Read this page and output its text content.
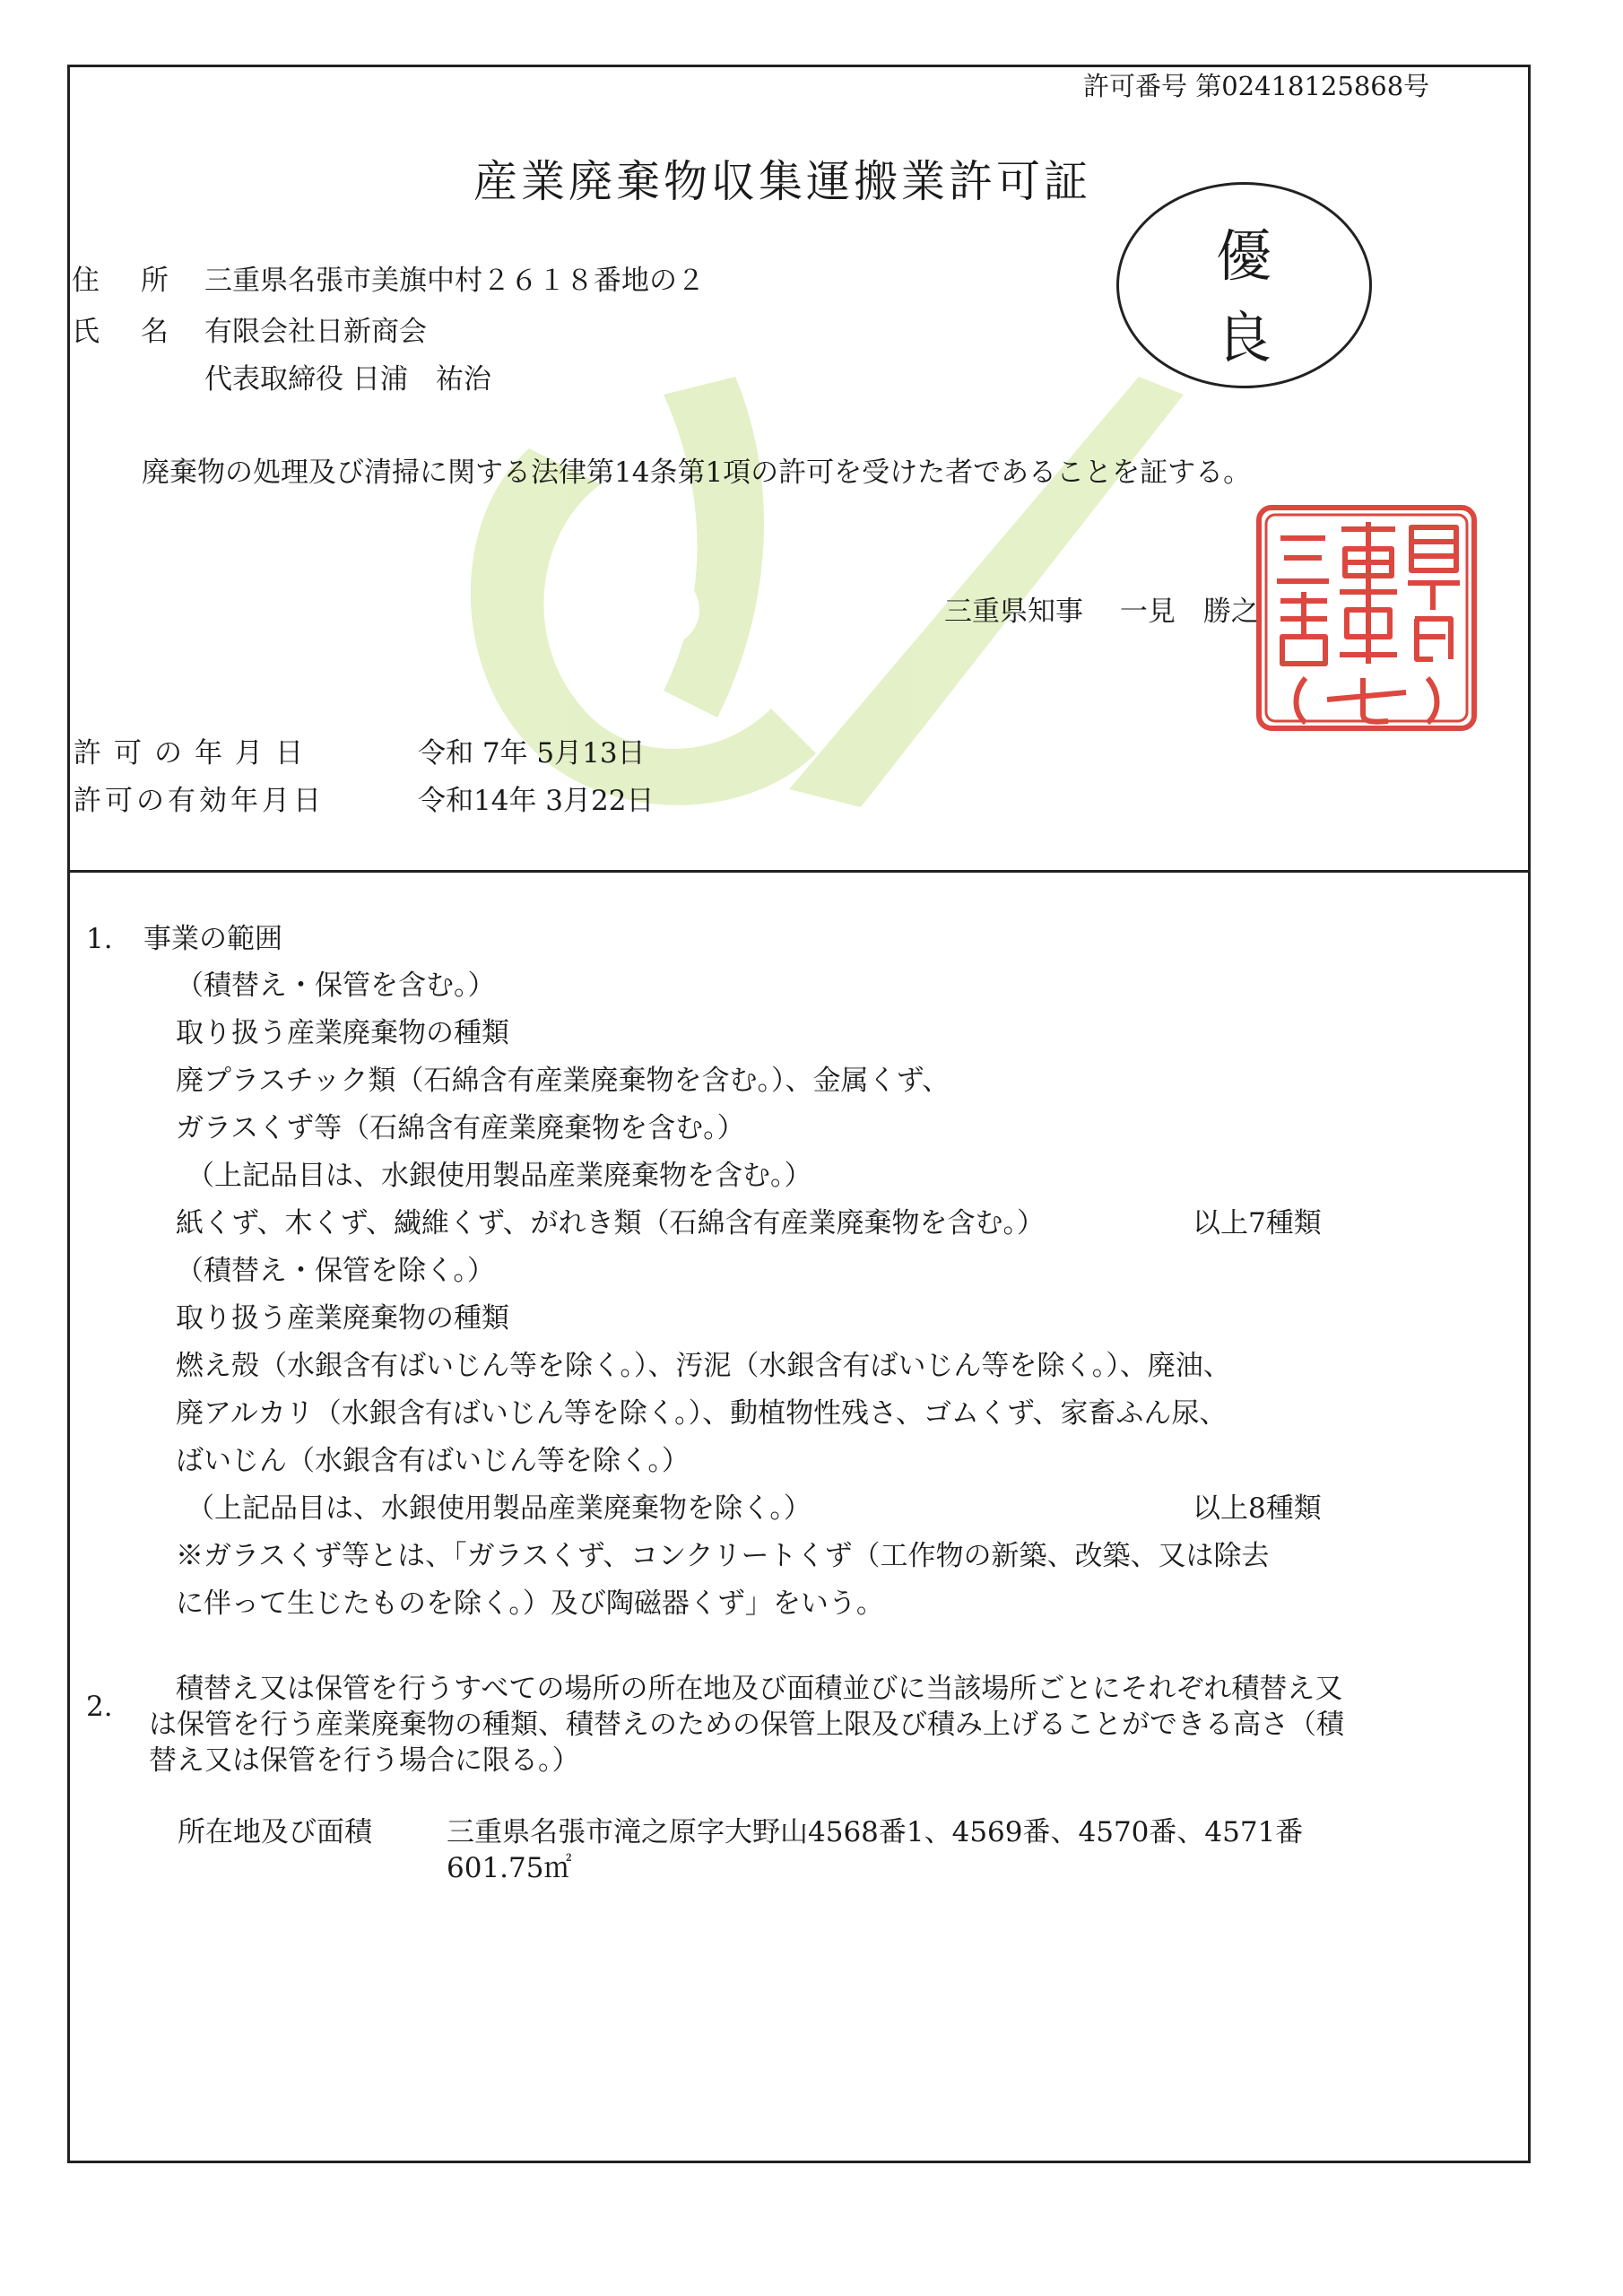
許可番号 第02418125868号
産業廃棄物収集運搬業許可証
優
良
住 所 三重県名張市美旗中村２６１８番地の２
氏 名 有限会社日新商会
代表取締役 日浦　祐治
廃棄物の処理及び清掃に関する法律第14条第1項の許可を受けた者であることを証する。
三重県知事　 一見　勝之
許可の年月日	令和 7年 5月13日
許可の有効年月日	令和14年 3月22日
1. 事業の範囲
（積替え・保管を含む。）
取り扱う産業廃棄物の種類
廃プラスチック類（石綿含有産業廃棄物を含む。）、金属くず、
ガラスくず等（石綿含有産業廃棄物を含む。）
（上記品目は、水銀使用製品産業廃棄物を含む。）
紙くず、木くず、繊維くず、がれき類（石綿含有産業廃棄物を含む。）	以上7種類
（積替え・保管を除く。）
取り扱う産業廃棄物の種類
燃え殻（水銀含有ばいじん等を除く。）、汚泥（水銀含有ばいじん等を除く。）、廃油、
廃アルカリ（水銀含有ばいじん等を除く。）、動植物性残さ、ゴムくず、家畜ふん尿、
ばいじん（水銀含有ばいじん等を除く。）
（上記品目は、水銀使用製品産業廃棄物を除く。）	以上8種類
※ガラスくず等とは、「ガラスくず、コンクリートくず（工作物の新築、改築、又は除去
に伴って生じたものを除く。）及び陶磁器くず」をいう。
2.
積替え又は保管を行うすべての場所の所在地及び面積並びに当該場所ごとにそれぞれ積替え又
は保管を行う産業廃棄物の種類、積替えのための保管上限及び積み上げることができる高さ（積
替え又は保管を行う場合に限る。）
所在地及び面積	三重県名張市滝之原字大野山4568番1、4569番、4570番、4571番
601.75㎡
